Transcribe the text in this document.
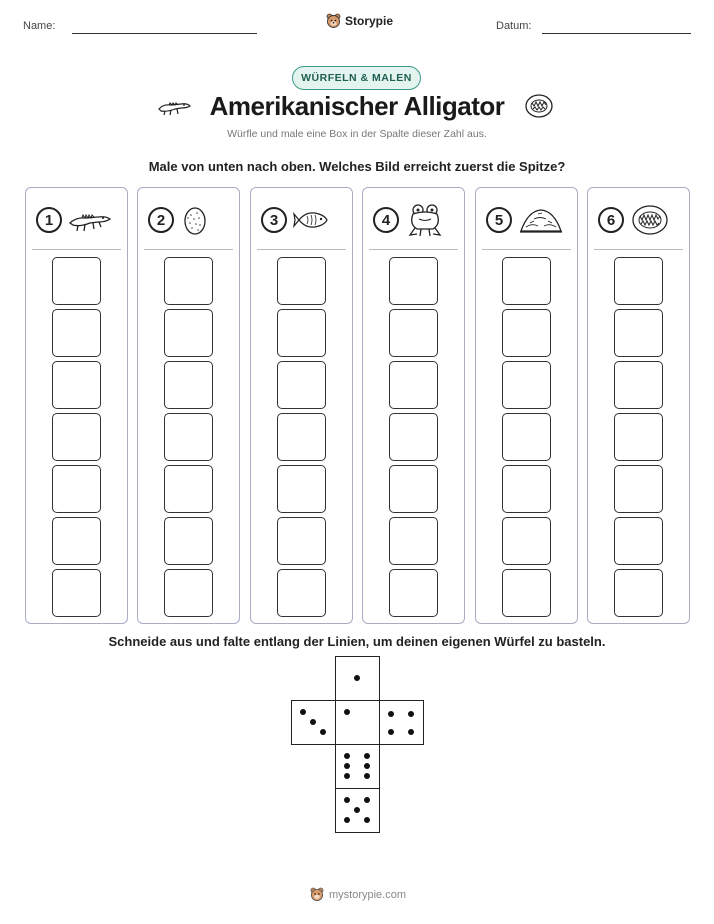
Name:	Storypie	Datum:
WÜRFELN & MALEN
Amerikanischer Alligator
Würfle und male eine Box in der Spalte dieser Zahl aus.
Male von unten nach oben. Welches Bild erreicht zuerst die Spitze?
1	2	3	4	5	6
Schneide aus und falte entlang der Linien, um deinen eigenen Würfel zu basteln.
mystorypie.com
